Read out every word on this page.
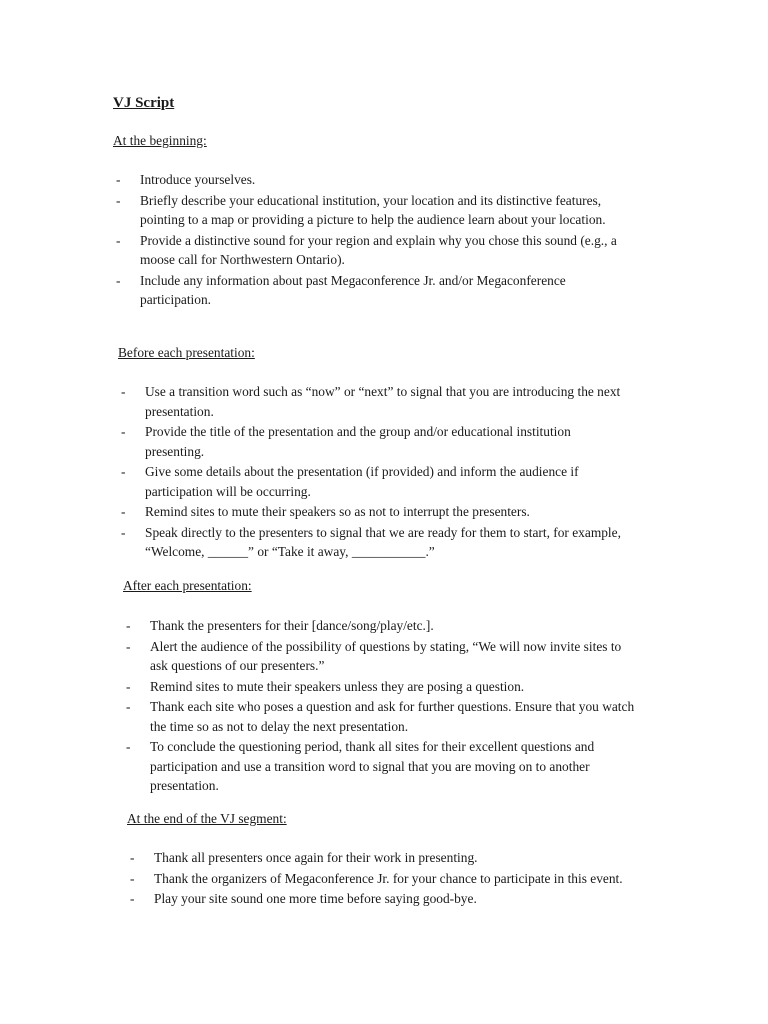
VJ Script

At the beginning:

- Introduce yourselves.
- Briefly describe your educational institution, your location and its distinctive features, pointing to a map or providing a picture to help the audience learn about your location.
- Provide a distinctive sound for your region and explain why you chose this sound (e.g., a moose call for Northwestern Ontario).
- Include any information about past Megaconference Jr. and/or Megaconference participation.

Before each presentation:

- Use a transition word such as “now” or “next” to signal that you are introducing the next presentation.
- Provide the title of the presentation and the group and/or educational institution presenting.
- Give some details about the presentation (if provided) and inform the audience if participation will be occurring.
- Remind sites to mute their speakers so as not to interrupt the presenters.
- Speak directly to the presenters to signal that we are ready for them to start, for example, “Welcome, ______” or “Take it away, ___________.”

After each presentation:

- Thank the presenters for their [dance/song/play/etc.].
- Alert the audience of the possibility of questions by stating, “We will now invite sites to ask questions of our presenters.”
- Remind sites to mute their speakers unless they are posing a question.
- Thank each site who poses a question and ask for further questions. Ensure that you watch the time so as not to delay the next presentation.
- To conclude the questioning period, thank all sites for their excellent questions and participation and use a transition word to signal that you are moving on to another presentation.

At the end of the VJ segment:

- Thank all presenters once again for their work in presenting.
- Thank the organizers of Megaconference Jr. for your chance to participate in this event.
- Play your site sound one more time before saying good-bye.
